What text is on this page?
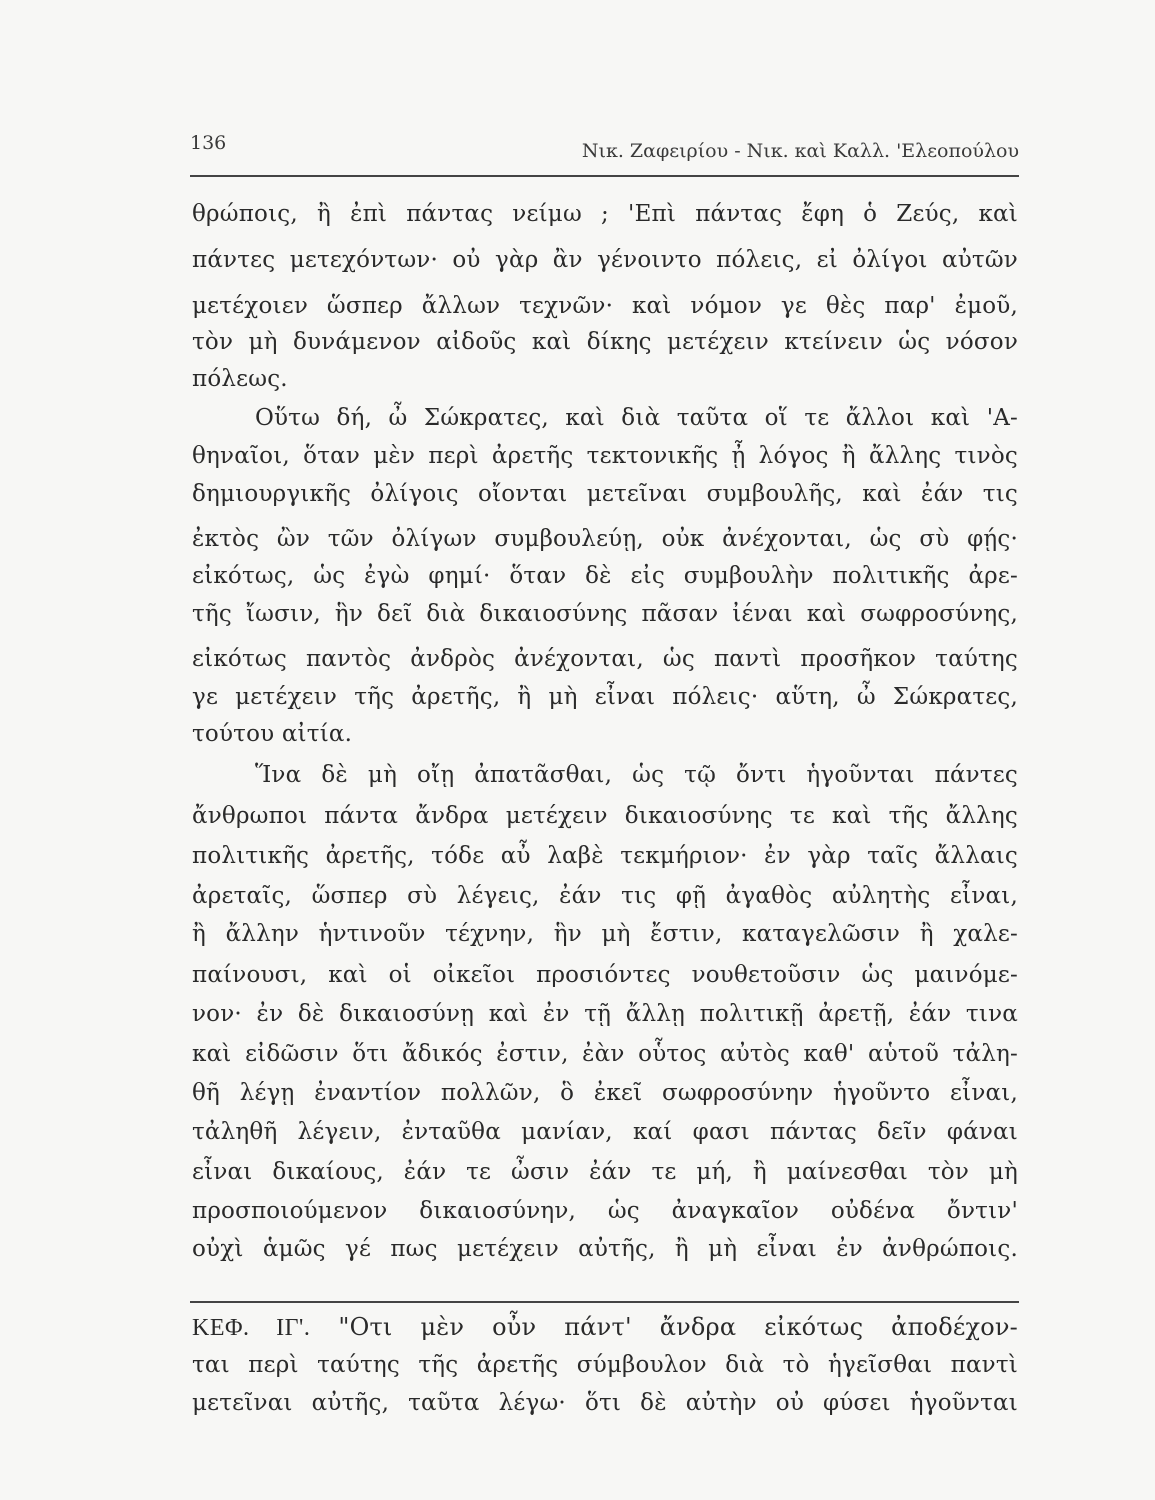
136	Νικ. Ζαφειρίου - Νικ. καὶ Καλλ. 'Ελεοπούλου
θρώποις, ἢ ἐπὶ πάντας νείμω ; 'Επὶ πάντας ἔφη ὁ Ζεύς, καὶ
πάντες μετεχόντων· οὐ γὰρ ἂν γένοιντο πόλεις, εἰ ὀλίγοι αὐτῶν
μετέχοιεν ὥσπερ ἄλλων τεχνῶν· καὶ νόμον γε θὲς παρ' ἐμοῦ,
τὸν μὴ δυνάμενον αἰδοῦς καὶ δίκης μετέχειν κτείνειν ὡς νόσον
πόλεως.
Οὕτω δή, ὦ Σώκρατες, καὶ διὰ ταῦτα οἵ τε ἄλλοι καὶ 'Α-
θηναῖοι, ὅταν μὲν περὶ ἀρετῆς τεκτονικῆς ᾖ λόγος ἢ ἄλλης τινὸς
δημιουργικῆς ὀλίγοις οἴονται μετεῖναι συμβουλῆς, καὶ ἐάν τις
ἐκτὸς ὢν τῶν ὀλίγων συμβουλεύῃ, οὐκ ἀνέχονται, ὡς σὺ φῄς·
εἰκότως, ὡς ἐγὼ φημί· ὅταν δὲ εἰς συμβουλὴν πολιτικῆς ἀρε-
τῆς ἴωσιν, ἣν δεῖ διὰ δικαιοσύνης πᾶσαν ἰέναι καὶ σωφροσύνης,
εἰκότως παντὸς ἀνδρὸς ἀνέχονται, ὡς παντὶ προσῆκον ταύτης
γε μετέχειν τῆς ἀρετῆς, ἢ μὴ εἶναι πόλεις· αὕτη, ὦ Σώκρατες,
τούτου αἰτία.
Ἵνα δὲ μὴ οἴῃ ἀπατᾶσθαι, ὡς τῷ ὄντι ἡγοῦνται πάντες
ἄνθρωποι πάντα ἄνδρα μετέχειν δικαιοσύνης τε καὶ τῆς ἄλλης
πολιτικῆς ἀρετῆς, τόδε αὖ λαβὲ τεκμήριον· ἐν γὰρ ταῖς ἄλλαις
ἀρεταῖς, ὥσπερ σὺ λέγεις, ἐάν τις φῇ ἀγαθὸς αὐλητὴς εἶναι,
ἢ ἄλλην ἡντινοῦν τέχνην, ἣν μὴ ἔστιν, καταγελῶσιν ἢ χαλε-
παίνουσι, καὶ οἱ οἰκεῖοι προσιόντες νουθετοῦσιν ὡς μαινόμε-
νον· ἐν δὲ δικαιοσύνῃ καὶ ἐν τῇ ἄλλῃ πολιτικῇ ἀρετῇ, ἐάν τινα
καὶ εἰδῶσιν ὅτι ἄδικός ἐστιν, ἐὰν οὗτος αὐτὸς καθ' αὑτοῦ τἀλη-
θῆ λέγῃ ἐναντίον πολλῶν, ὃ ἐκεῖ σωφροσύνην ἡγοῦντο εἶναι,
τἀληθῆ λέγειν, ἐνταῦθα μανίαν, καί φασι πάντας δεῖν φάναι
εἶναι δικαίους, ἐάν τε ὦσιν ἐάν τε μή, ἢ μαίνεσθαι τὸν μὴ
προσποιούμενον δικαιοσύνην, ὡς ἀναγκαῖον οὐδένα ὄντιν'
οὐχὶ ἁμῶς γέ πως μετέχειν αὐτῆς, ἢ μὴ εἶναι ἐν ἀνθρώποις.
ΚΕΦ. ΙΓ'. "Οτι μὲν οὖν πάντ' ἄνδρα εἰκότως ἀποδέχον-
ται περὶ ταύτης τῆς ἀρετῆς σύμβουλον διὰ τὸ ἡγεῖσθαι παντὶ
μετεῖναι αὐτῆς, ταῦτα λέγω· ὅτι δὲ αὐτὴν οὐ φύσει ἡγοῦνται
